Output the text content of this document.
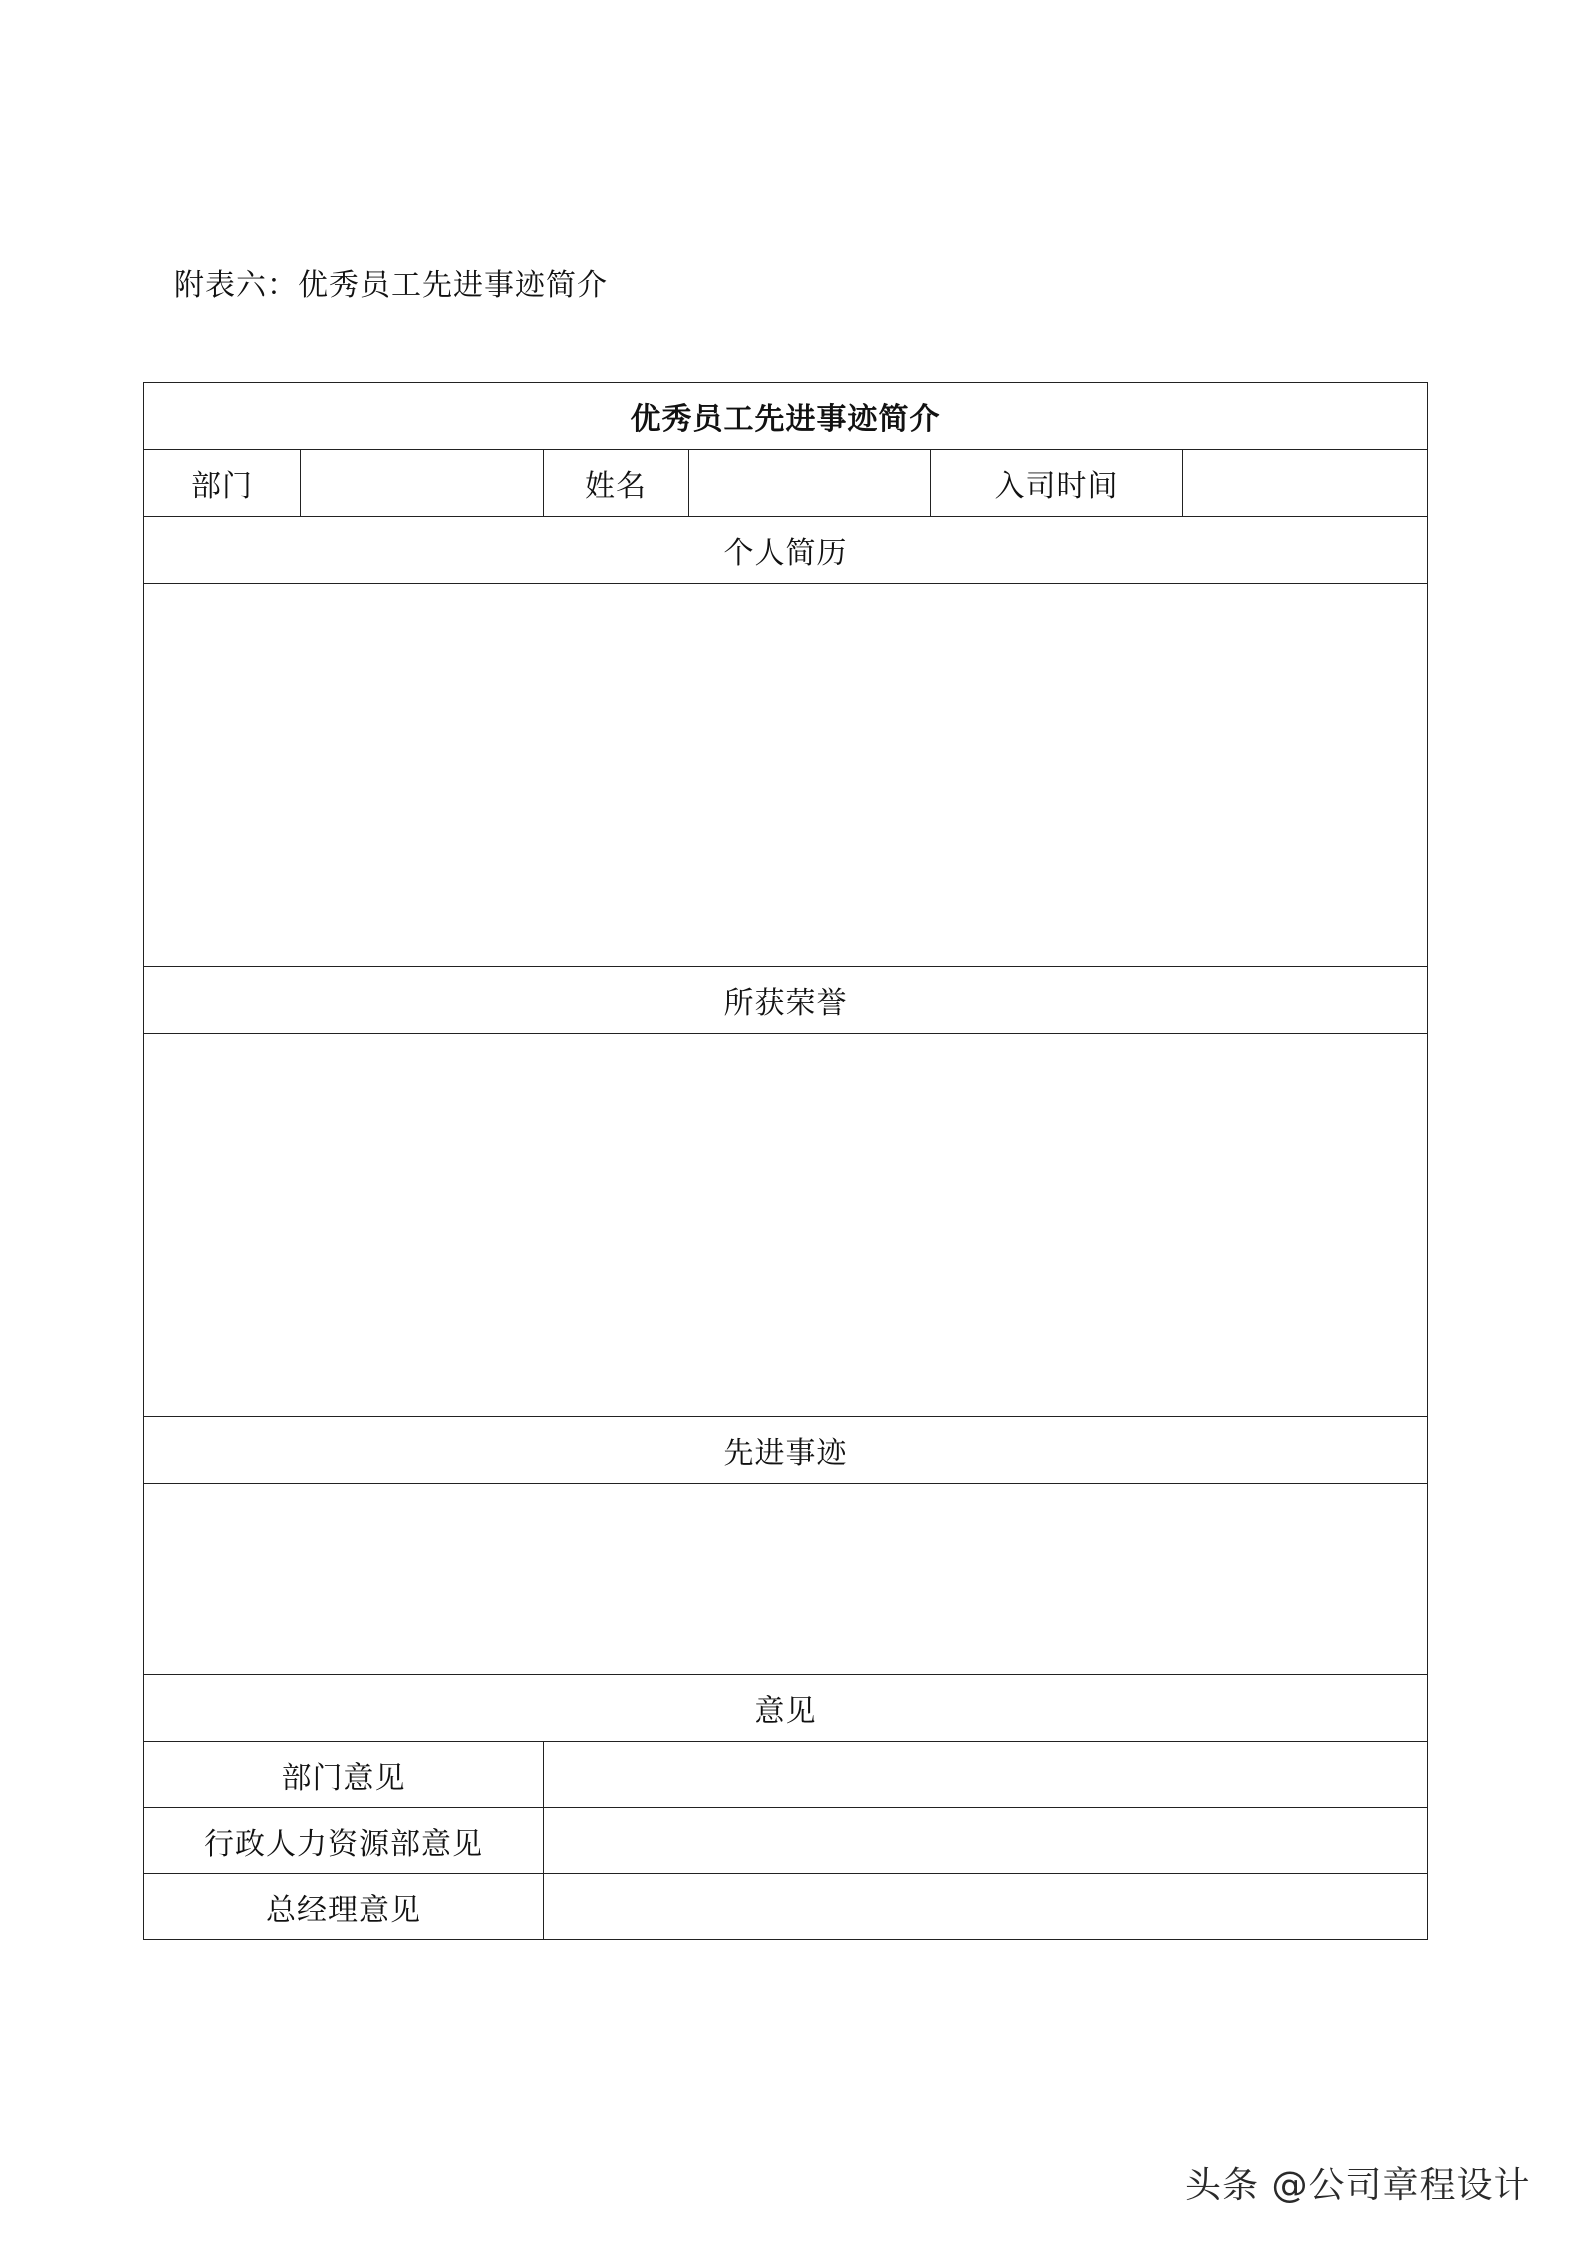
附表六：优秀员工先进事迹简介
优秀员工先进事迹简介					
部门		姓名		入司时间	
个人简历					

所获荣誉					

先进事迹					

意见					
部门意见					
行政人力资源部意见					
总经理意见					
头条 @公司章程设计
